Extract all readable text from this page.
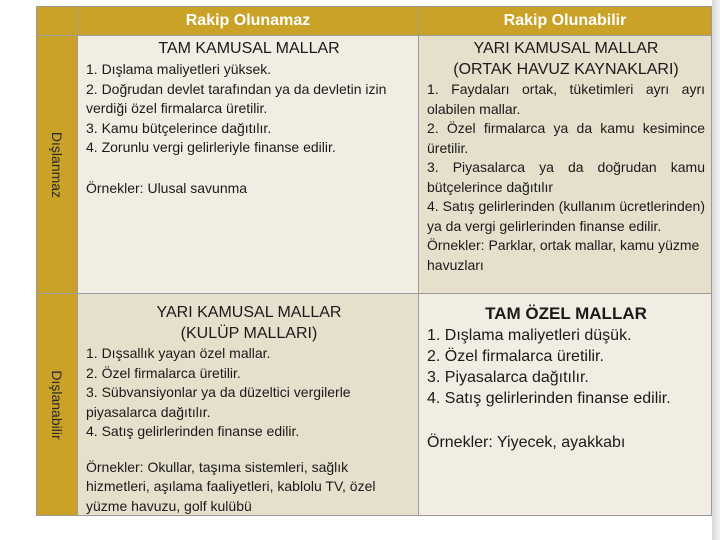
Rakip Olunamaz	Rakip Olunabilir
Dışlanmaz
Dışlanabilir

TAM KAMUSAL MALLAR

1. Dışlama maliyetleri yüksek.

2. Doğrudan devlet tarafından ya da devletin izin verdiği özel firmalarca üretilir.

3. Kamu bütçelerince dağıtılır.

4. Zorunlu vergi gelirleriyle finanse edilir.

Örnekler: Ulusal savunma

YARI KAMUSAL MALLAR

(ORTAK HAVUZ KAYNAKLARI)

1. Faydaları ortak, tüketimleri ayrı ayrı olabilen mallar.

2. Özel firmalarca ya da kamu kesimince üretilir.

3. Piyasalarca ya da doğrudan kamu bütçelerince dağıtılır

4. Satış gelirlerinden (kullanım ücretlerinden) ya da vergi gelirlerinden finanse edilir.

Örnekler: Parklar, ortak mallar, kamu yüzme havuzları

YARI KAMUSAL MALLAR

(KULÜP MALLARI)

1. Dışsallık yayan özel mallar.

2. Özel firmalarca üretilir.

3. Sübvansiyonlar ya da düzeltici vergilerle piyasalarca dağıtılır.

4. Satış gelirlerinden finanse edilir.

Örnekler: Okullar, taşıma sistemleri, sağlık hizmetleri, aşılama faaliyetleri, kablolu TV, özel yüzme havuzu, golf kulübü

TAM ÖZEL MALLAR

1. Dışlama maliyetleri düşük.

2. Özel firmalarca üretilir.

3. Piyasalarca dağıtılır.

4. Satış gelirlerinden finanse edilir.

Örnekler: Yiyecek, ayakkabı
